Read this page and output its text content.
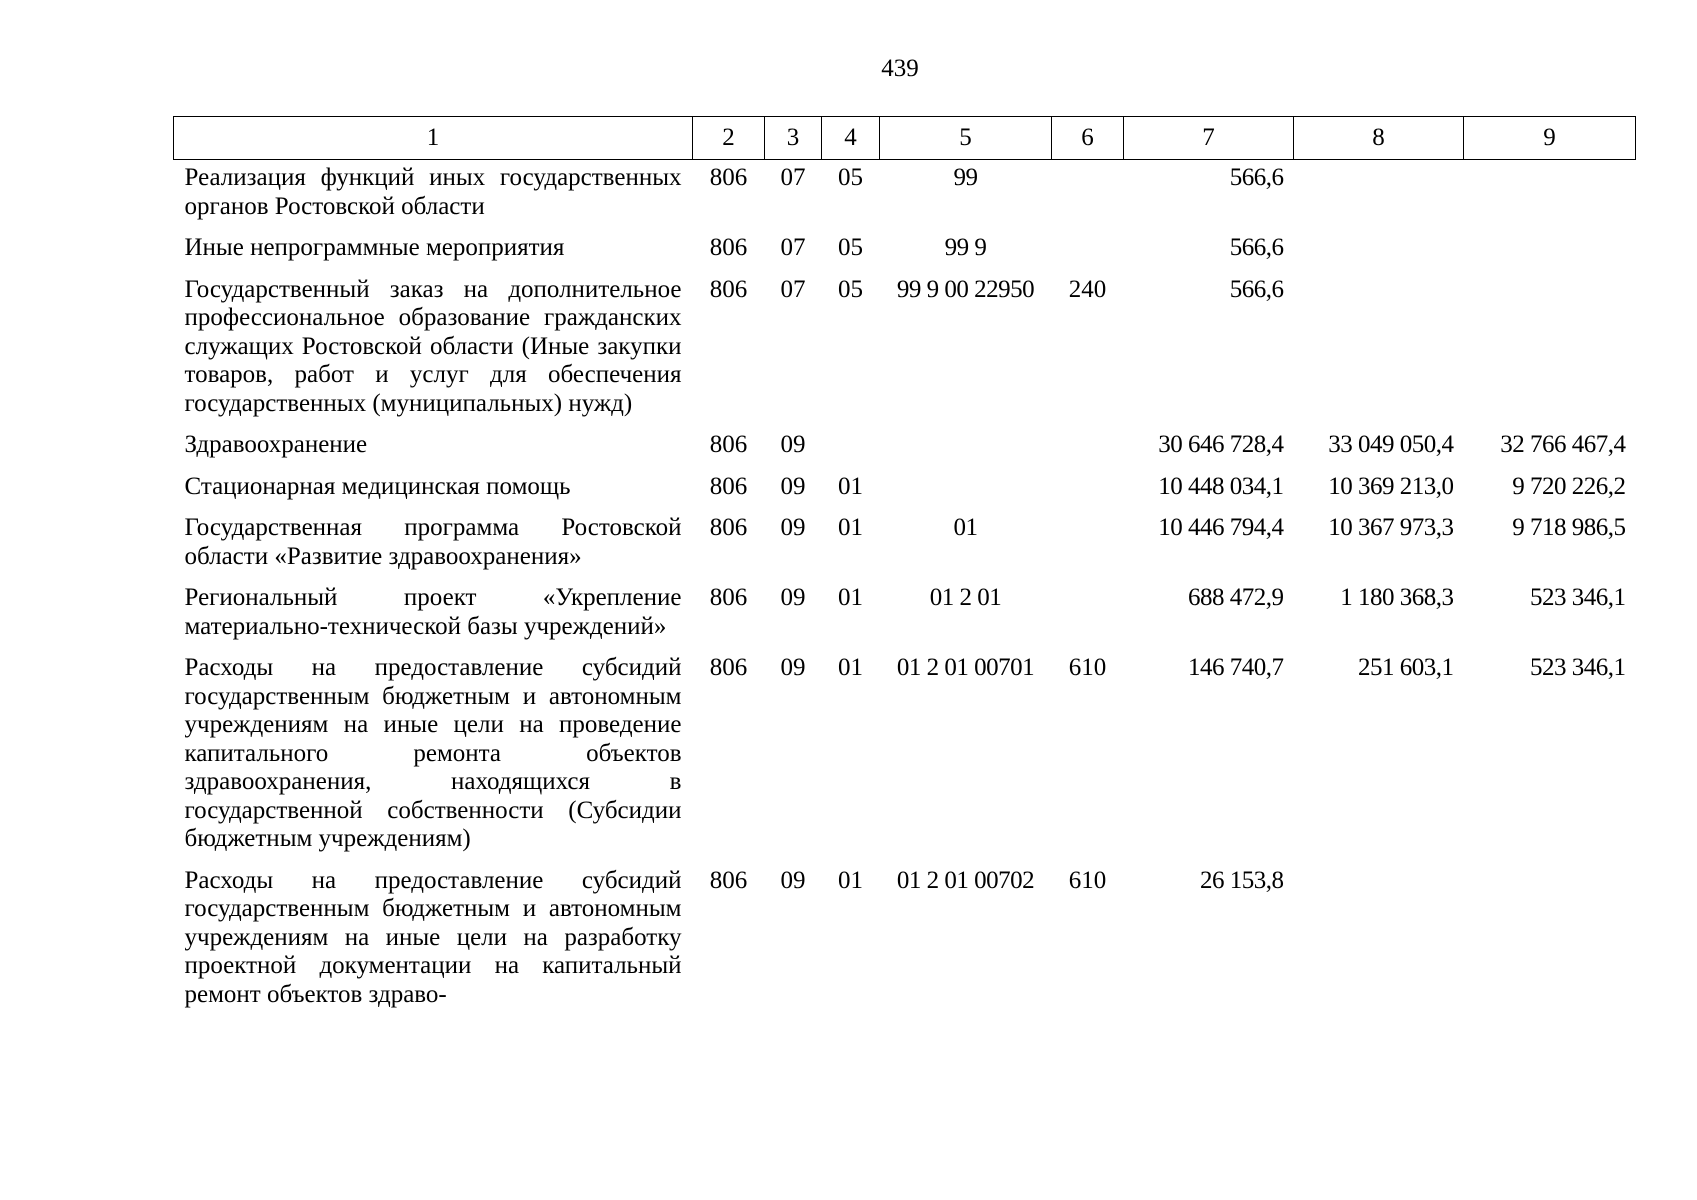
439
1	2	3	4	5	6	7	8	9
Реализация функций иных государственных органов Ростовской области	806	07	05	99		566,6		
Иные непрограммные мероприятия	806	07	05	99 9		566,6		
Государственный заказ на дополнительное профессиональное образование гражданских служащих Ростовской области (Иные закупки товаров, работ и услуг для обеспечения государственных (муниципальных) нужд)	806	07	05	99 9 00 22950	240	566,6		
Здравоохранение	806	09				30 646 728,4	33 049 050,4	32 766 467,4
Стационарная медицинская помощь	806	09	01			10 448 034,1	10 369 213,0	9 720 226,2
Государственная программа Ростовской области «Развитие здравоохранения»	806	09	01	01		10 446 794,4	10 367 973,3	9 718 986,5
Региональный проект «Укрепление материально-технической базы учреждений»	806	09	01	01 2 01		688 472,9	1 180 368,3	523 346,1
Расходы на предоставление субсидий государственным бюджетным и автономным учреждениям на иные цели на проведение капитального ремонта объектов здравоохранения, находящихся в государственной собственности (Субсидии бюджетным учреждениям)	806	09	01	01 2 01 00701	610	146 740,7	251 603,1	523 346,1
Расходы на предоставление субсидий государственным бюджетным и автономным учреждениям на иные цели на разработку проектной документации на капитальный ремонт объектов здраво-	806	09	01	01 2 01 00702	610	26 153,8		
